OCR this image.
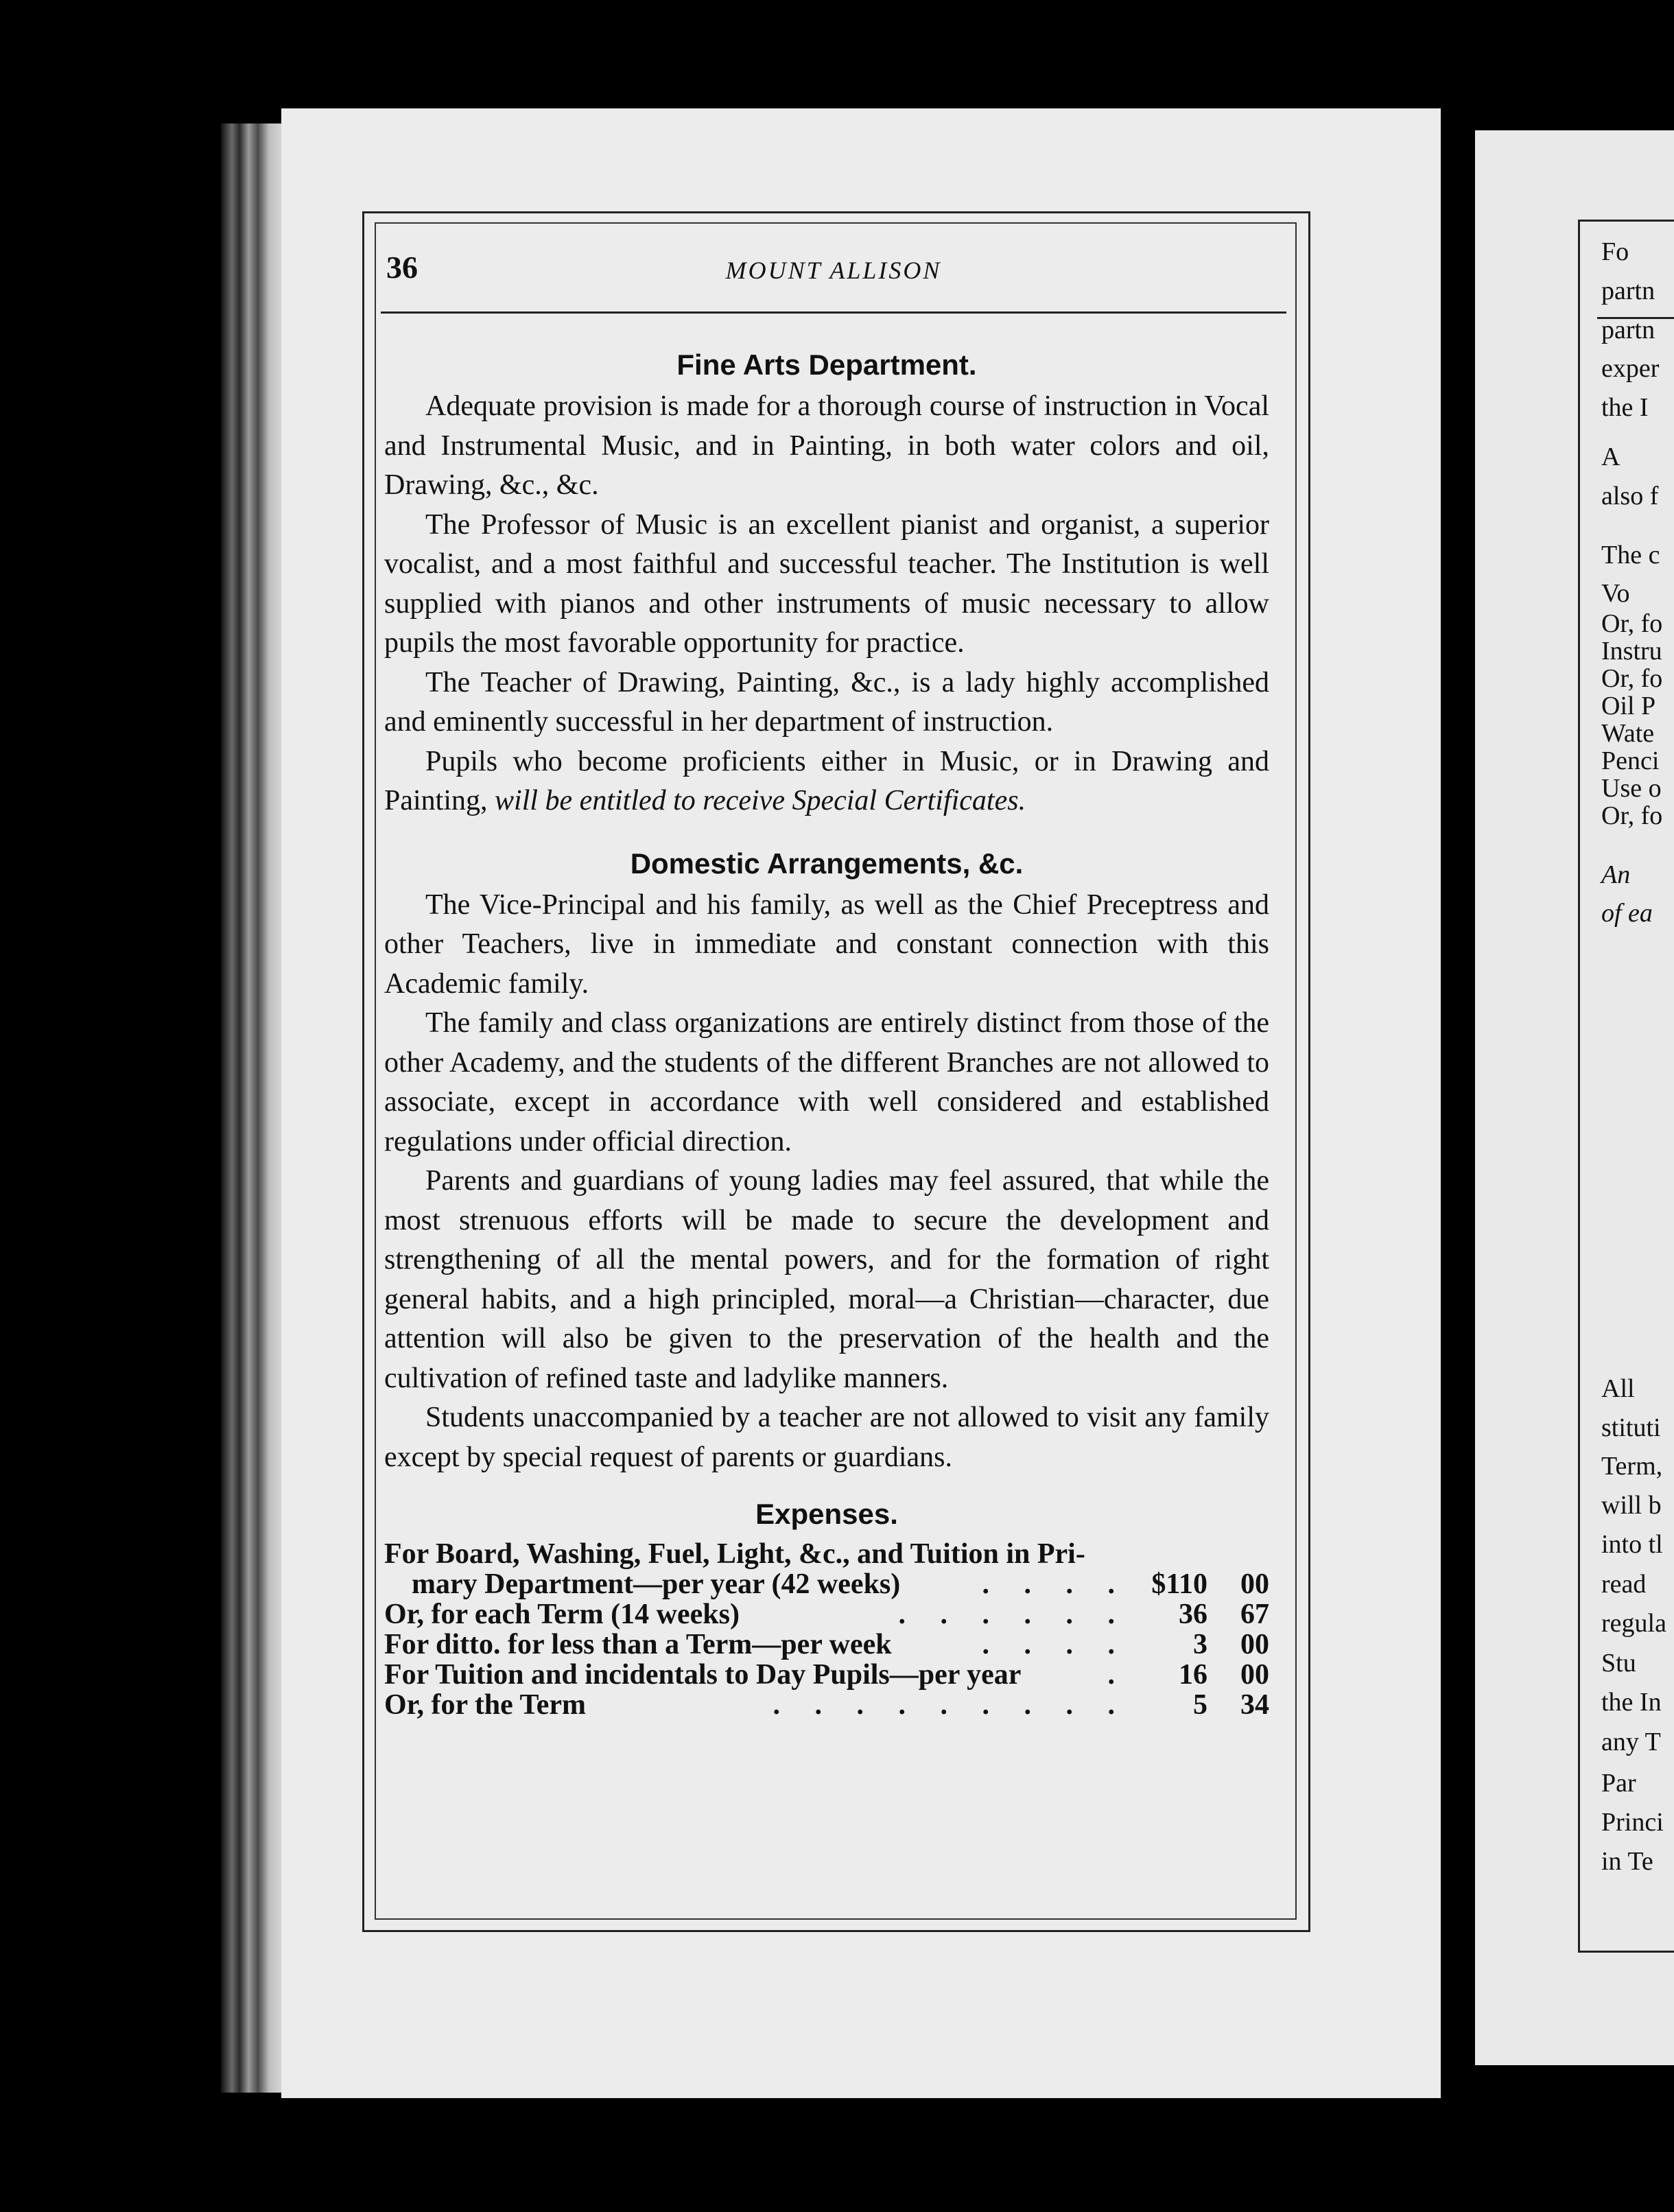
36	MOUNT ALLISON
Fine Arts Department.

Adequate provision is made for a thorough course of instruction in Vocal and Instrumental Music, and in Painting, in both water colors and oil, Drawing, &c., &c.

The Professor of Music is an excellent pianist and organist, a superior vocalist, and a most faithful and successful teacher. The Institution is well supplied with pianos and other instruments of music necessary to allow pupils the most favorable opportunity for practice.

The Teacher of Drawing, Painting, &c., is a lady highly accomplished and eminently successful in her department of instruction.

Pupils who become proficients either in Music, or in Drawing and Painting, will be entitled to receive Special Certificates.

Domestic Arrangements, &c.

The Vice-Principal and his family, as well as the Chief Preceptress and other Teachers, live in immediate and constant connection with this Academic family.

The family and class organizations are entirely distinct from those of the other Academy, and the students of the different Branches are not allowed to associate, except in accordance with well considered and established regulations under official direction.

Parents and guardians of young ladies may feel assured, that while the most strenuous efforts will be made to secure the development and strengthening of all the mental powers, and for the formation of right general habits, and a high principled, moral—a Christian—character, due attention will also be given to the preservation of the health and the cultivation of refined taste and ladylike manners.

Students unaccompanied by a teacher are not allowed to visit any family except by special request of parents or guardians.

Expenses.
For Board, Washing, Fuel, Light, &c., and Tuition in Pri-
mary Department—per year (42 weeks)	. . . . $110	00
Or, for each Term (14 weeks)	. . . . . .	36	67
For ditto. for less than a Term—per week	. . . .	3	00
For Tuition and incidentals to Day Pupils—per year	.	16	00
Or, for the Term	. . . . . . . . .	5	34
Fo
partn
partn
exper
the I
A
also f
The c
Vo
Or, fo
Instru
Or, fo
Oil P
Wate
Penci
Use o
Or, fo
An
of ea
All
stituti
Term,
will b
into tl
read
regula
Stu
the In
any T
Par
Princi
in Te
